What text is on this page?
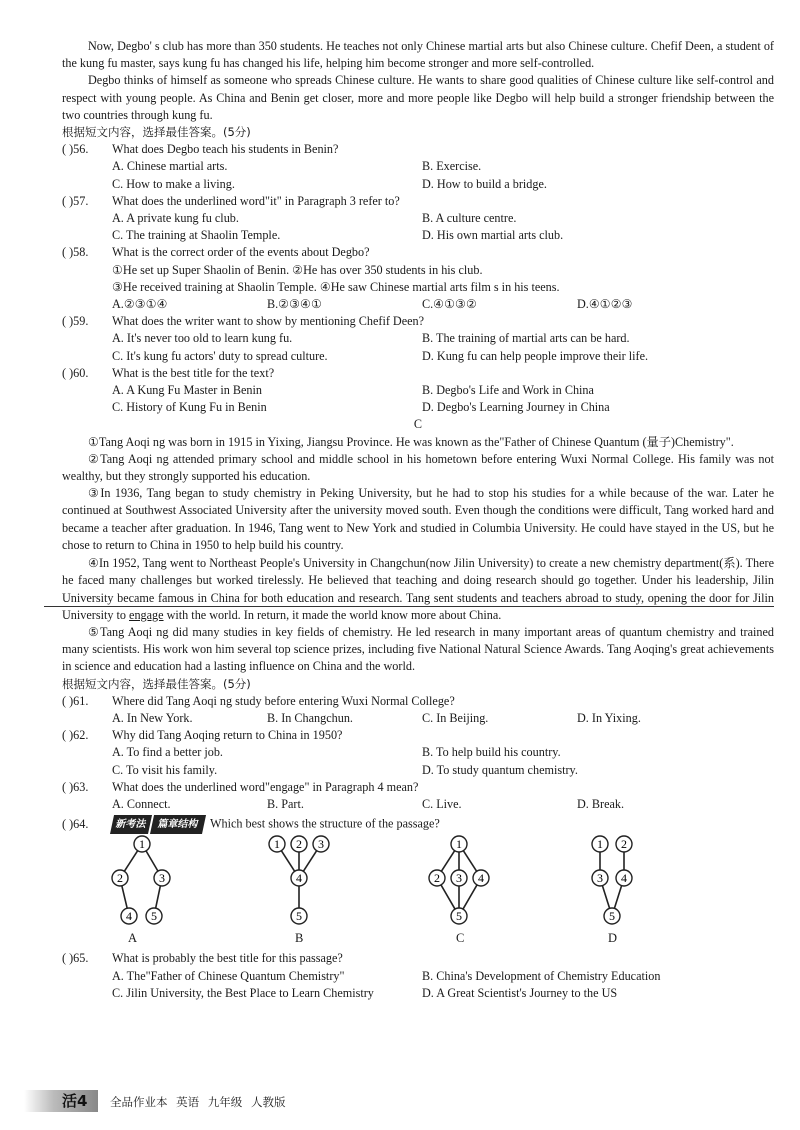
Now, Degbo' s club has more than 350 students. He teaches not only Chinese martial arts but also Chinese culture. Chefif Deen, a student of the kung fu master, says kung fu has changed his life, helping him become stronger and more self-controlled.

Degbo thinks of himself as someone who spreads Chinese culture. He wants to share good qualities of Chinese culture like self-control and respect with young people. As China and Benin get closer, more and more people like Degbo will help build a stronger friendship between the two countries through kung fu.

根据短文内容，选择最佳答案。(5分)

( )56. What does Degbo teach his students in Benin?
A. Chinese martial arts.	B. Exercise.
C. How to make a living.	D. How to build a bridge.
( )57. What does the underlined word"it" in Paragraph 3 refer to?
A. A private kung fu club.	B. A culture centre.
C. The training at Shaolin Temple.	D. His own martial arts club.
( )58. What is the correct order of the events about Degbo?
①He set up Super Shaolin of Benin. ②He has over 350 students in his club.
③He received training at Shaolin Temple. ④He saw Chinese martial arts film s in his teens.
A.②③①④	B.②③④①	C.④①③②	D.④①②③
( )59. What does the writer want to show by mentioning Chefif Deen?
A. It's never too old to learn kung fu.	B. The training of martial arts can be hard.
C. It's kung fu actors' duty to spread culture.	D. Kung fu can help people improve their life.
( )60. What is the best title for the text?
A. A Kung Fu Master in Benin	B. Degbo's Life and Work in China
C. History of Kung Fu in Benin	D. Degbo's Learning Journey in China

C

①Tang Aoqi ng was born in 1915 in Yixing, Jiangsu Province. He was known as the"Father of Chinese Quantum (量子)Chemistry".

②Tang Aoqi ng attended primary school and middle school in his hometown before entering Wuxi Normal College. His family was not wealthy, but they strongly supported his education.

③In 1936, Tang began to study chemistry in Peking University, but he had to stop his studies for a while because of the war. Later he continued at Southwest Associated University after the university moved south. Even though the conditions were difficult, Tang worked hard and became a teacher after graduation. In 1946, Tang went to New York and studied in Columbia University. He could have stayed in the US, but he chose to return to China in 1950 to help build his country.

④In 1952, Tang went to Northeast People's University in Changchun(now Jilin University) to create a new chemistry department(系). There he faced many challenges but worked tirelessly. He believed that teaching and doing research should go together. Under his leadership, Jilin University became famous in China for both education and research. Tang sent students and teachers abroad to study, opening the door for Jilin University to engage with the world. In return, it made the world know more about China.

⑤Tang Aoqi ng did many studies in key fields of chemistry. He led research in many important areas of quantum chemistry and trained many scientists. His work won him several top science prizes, including five National Natural Science Awards. Tang Aoqing's great achievements in science and education had a lasting influence on China and the world.

根据短文内容，选择最佳答案。(5分)

( )61. Where did Tang Aoqi ng study before entering Wuxi Normal College?
A. In New York.	B. In Changchun.	C. In Beijing.	D. In Yixing.
( )62. Why did Tang Aoqing return to China in 1950?
A. To find a better job.	B. To help build his country.
C. To visit his family.	D. To study quantum chemistry.
( )63. What does the underlined word"engage" in Paragraph 4 mean?
A. Connect.	B. Part.	C. Live.	D. Break.
( )64.	新考法 篇章结构 Which best shows the structure of the passage?
1
2	3
4 5
A
1 2 3
4
5
B
1
2 3 4
5
C
1 2
3 4
5
D
( )65. What is probably the best title for this passage?
A. The"Father of Chinese Quantum Chemistry"	B. China's Development of Chemistry Education
C. Jilin University, the Best Place to Learn Chemistry	D. A Great Scientist's Journey to the US
活4 全品作业本 英语 九年级 人教版
